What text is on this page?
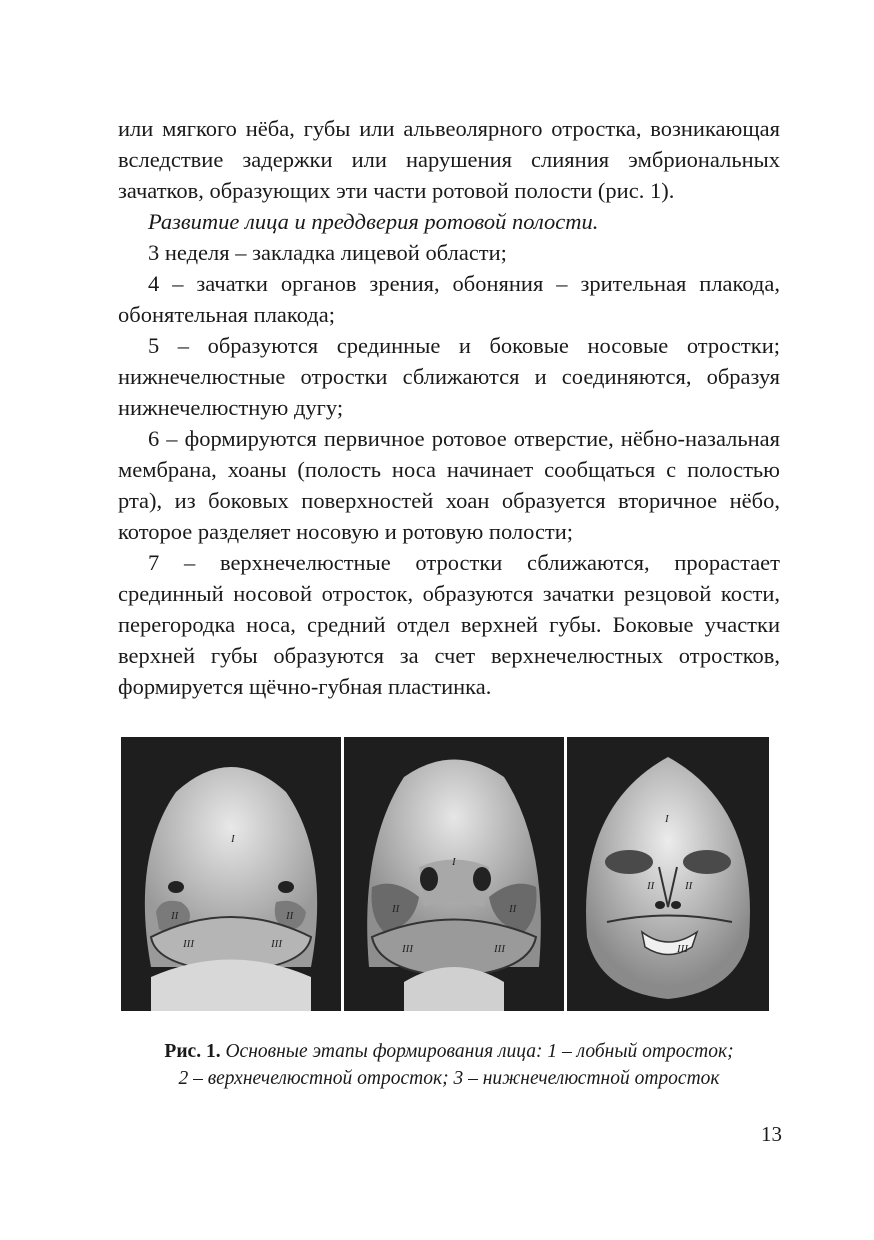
или мягкого нёба, губы или альвеолярного отростка, возникающая вследствие задержки или нарушения слияния эмбриональных зачатков, образующих эти части ротовой полости (рис. 1).

Развитие лица и преддверия ротовой полости.

3 неделя – закладка лицевой области;

4 – зачатки органов зрения, обоняния – зрительная плакода, обонятельная плакода;

5 – образуются срединные и боковые носовые отростки; нижнечелюстные отростки сближаются и соединяются, образуя нижнечелюстную дугу;

6 – формируются первичное ротовое отверстие, нёбно-назальная мембрана, хоаны (полость носа начинает сообщаться с полостью рта), из боковых поверхностей хоан образуется вторичное нёбо, которое разделяет носовую и ротовую полости;

7 – верхнечелюстные отростки сближаются, прорастает срединный носовой отросток, образуются зачатки резцовой кости, перегородка носа, средний отдел верхней губы. Боковые участки верхней губы образуются за счет верхнечелюстных отростков, формируется щёчно-губная пластинка.

I
II
III
II
III
I
II	II
III	III
I
II	II
III
Рис. 1. Основные этапы формирования лица: 1 – лобный отросток;
2 – верхнечелюстной отросток; 3 – нижнечелюстной отросток
13
